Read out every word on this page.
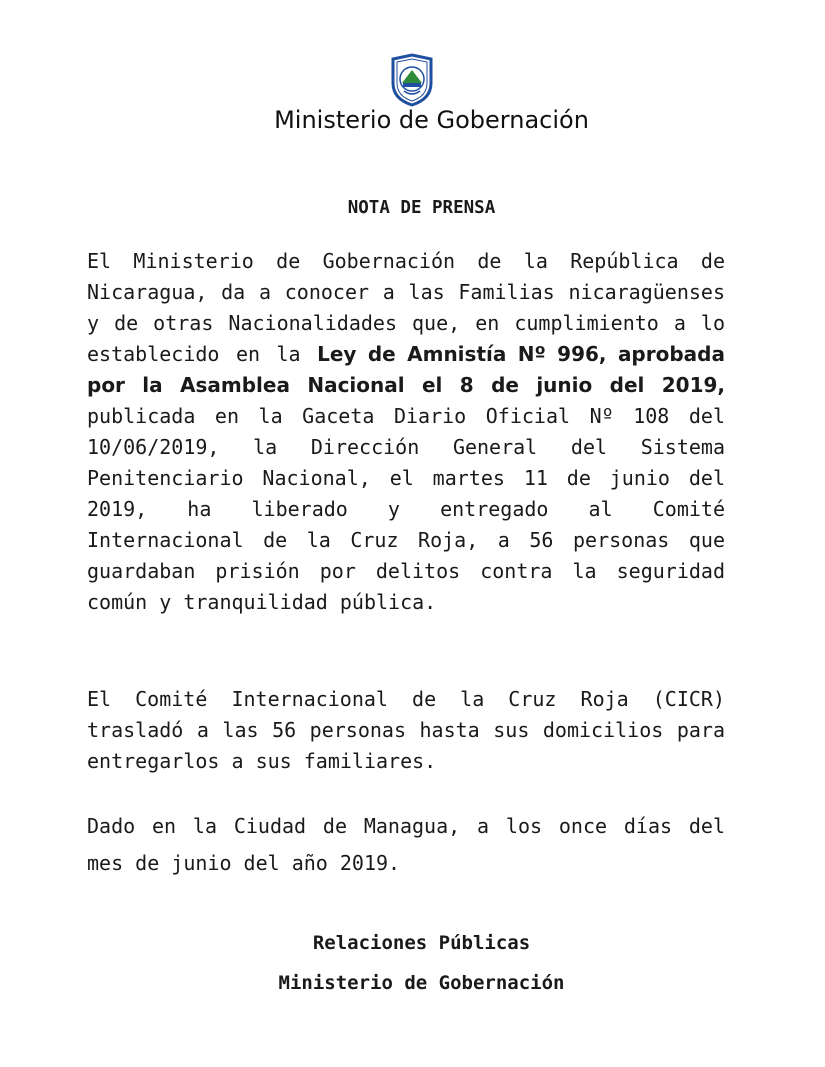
Ministerio de Gobernación
NOTA DE PRENSA

El Ministerio de Gobernación de la República de Nicaragua, da a conocer a las Familias nicaragüenses y de otras Nacionalidades que, en cumplimiento a lo establecido en la Ley de Amnistía Nº 996, aprobada por la Asamblea Nacional el 8 de junio del 2019, publicada en la Gaceta Diario Oficial Nº 108 del 10/06/2019, la Dirección General del Sistema Penitenciario Nacional, el martes 11 de junio del 2019, ha liberado y entregado al Comité Internacional de la Cruz Roja, a 56 personas que guardaban prisión por delitos contra la seguridad común y tranquilidad pública.

El Comité Internacional de la Cruz Roja (CICR) trasladó a las 56 personas hasta sus domicilios para entregarlos a sus familiares.

Dado en la Ciudad de Managua, a los once días del mes de junio del año 2019.

Relaciones Públicas
Ministerio de Gobernación
